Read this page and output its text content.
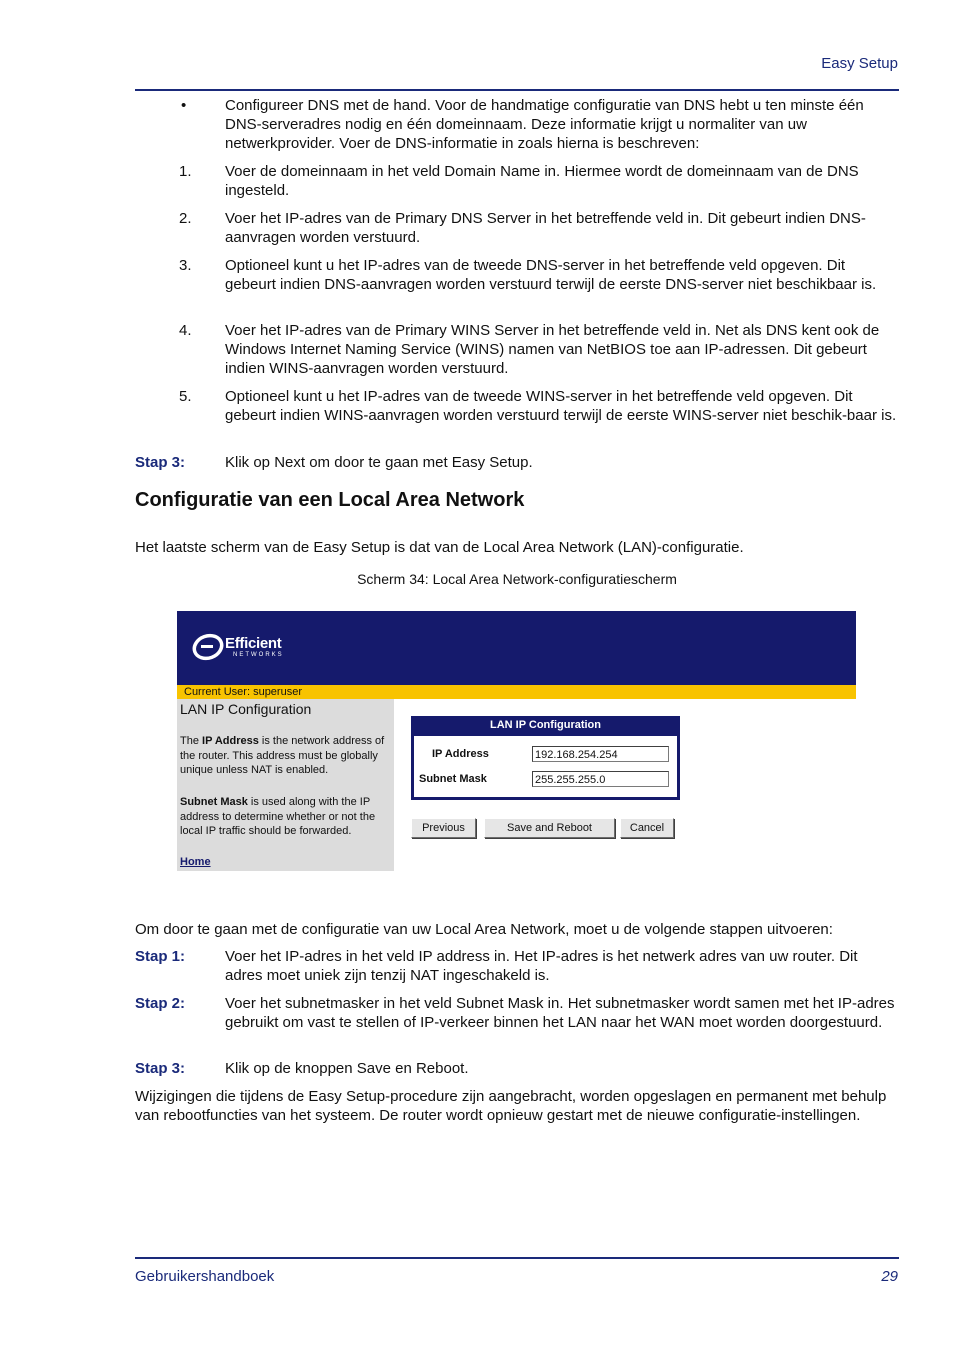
Easy Setup
•	Configureer DNS met de hand. Voor de handmatige configuratie van DNS hebt u ten minste één DNS-serveradres nodig en één domeinnaam. Deze informatie krijgt u normaliter van uw netwerkprovider. Voer de DNS-informatie in zoals hierna is beschreven:
1. Voer de domeinnaam in het veld Domain Name in. Hiermee wordt de domeinnaam van de DNS ingesteld.
2. Voer het IP-adres van de Primary DNS Server in het betreffende veld in. Dit gebeurt indien DNS-aanvragen worden verstuurd.
3. Optioneel kunt u het IP-adres van de tweede DNS-server in het betreffende veld opgeven. Dit gebeurt indien DNS-aanvragen worden verstuurd terwijl de eerste DNS-server niet beschikbaar is.
4. Voer het IP-adres van de Primary WINS Server in het betreffende veld in. Net als DNS kent ook de Windows Internet Naming Service (WINS) namen van NetBIOS toe aan IP-adressen. Dit gebeurt indien WINS-aanvragen worden verstuurd.
5. Optioneel kunt u het IP-adres van de tweede WINS-server in het betreffende veld opgeven. Dit gebeurt indien WINS-aanvragen worden verstuurd terwijl de eerste WINS-server niet beschik-baar is.
Stap 3:	Klik op Next om door te gaan met Easy Setup.
Configuratie van een Local Area Network
Het laatste scherm van de Easy Setup is dat van de Local Area Network (LAN)-configuratie.
Scherm 34: Local Area Network-configuratiescherm
Efficient
NETWORKS
Current User: superuser
LAN IP Configuration
The IP Address is the network address of the router. This address must be globally unique unless NAT is enabled.
Subnet Mask is used along with the IP address to determine whether or not the local IP traffic should be forwarded.
Home
LAN IP Configuration
IP Address	192.168.254.254
Subnet Mask	255.255.255.0
Previous	Save and Reboot	Cancel
Om door te gaan met de configuratie van uw Local Area Network, moet u de volgende stappen uitvoeren:
Stap 1:	Voer het IP-adres in het veld IP address in. Het IP-adres is het netwerk adres van uw router. Dit adres moet uniek zijn tenzij NAT ingeschakeld is.
Stap 2:	Voer het subnetmasker in het veld Subnet Mask in. Het subnetmasker wordt samen met het IP-adres gebruikt om vast te stellen of IP-verkeer binnen het LAN naar het WAN moet worden doorgestuurd.
Stap 3:	Klik op de knoppen Save en Reboot.
Wijzigingen die tijdens de Easy Setup-procedure zijn aangebracht, worden opgeslagen en permanent met behulp van rebootfuncties van het systeem. De router wordt opnieuw gestart met de nieuwe configuratie-instellingen.
Gebruikershandboek	29
